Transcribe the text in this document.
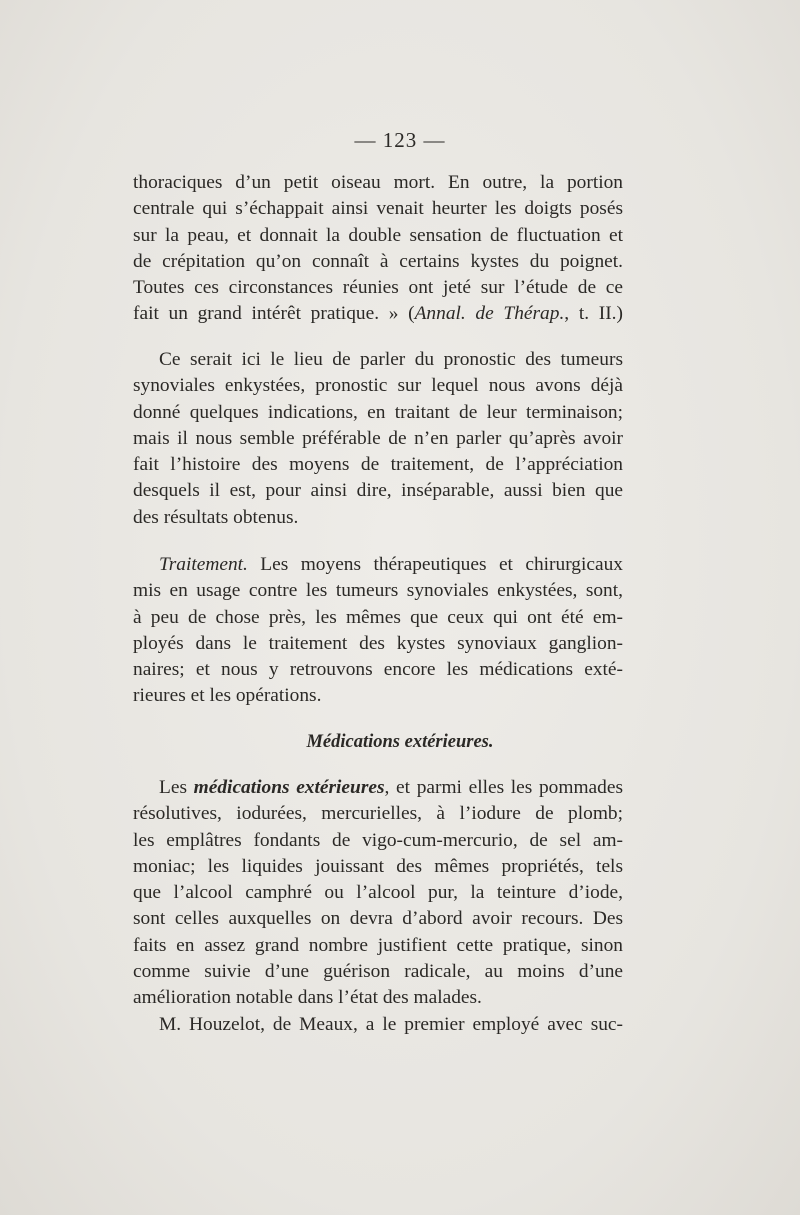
— 123 —
thoraciques d’un petit oiseau mort. En outre, la portion
centrale qui s’échappait ainsi venait heurter les doigts posés
sur la peau, et donnait la double sensation de fluctuation et
de crépitation qu’on connaît à certains kystes du poignet.
Toutes ces circonstances réunies ont jeté sur l’étude de ce
fait un grand intérêt pratique. » (Annal. de Thérap., t. II.)
Ce serait ici le lieu de parler du pronostic des tumeurs
synoviales enkystées, pronostic sur lequel nous avons déjà
donné quelques indications, en traitant de leur terminaison;
mais il nous semble préférable de n’en parler qu’après avoir
fait l’histoire des moyens de traitement, de l’appréciation
desquels il est, pour ainsi dire, inséparable, aussi bien que
des résultats obtenus.
Traitement. Les moyens thérapeutiques et chirurgicaux
mis en usage contre les tumeurs synoviales enkystées, sont,
à peu de chose près, les mêmes que ceux qui ont été em-
ployés dans le traitement des kystes synoviaux ganglion-
naires; et nous y retrouvons encore les médications exté-
rieures et les opérations.
Médications extérieures.
Les médications extérieures, et parmi elles les pommades
résolutives, iodurées, mercurielles, à l’iodure de plomb;
les emplâtres fondants de vigo-cum-mercurio, de sel am-
moniac; les liquides jouissant des mêmes propriétés, tels
que l’alcool camphré ou l’alcool pur, la teinture d’iode,
sont celles auxquelles on devra d’abord avoir recours. Des
faits en assez grand nombre justifient cette pratique, sinon
comme suivie d’une guérison radicale, au moins d’une
amélioration notable dans l’état des malades.
M. Houzelot, de Meaux, a le premier employé avec suc-
